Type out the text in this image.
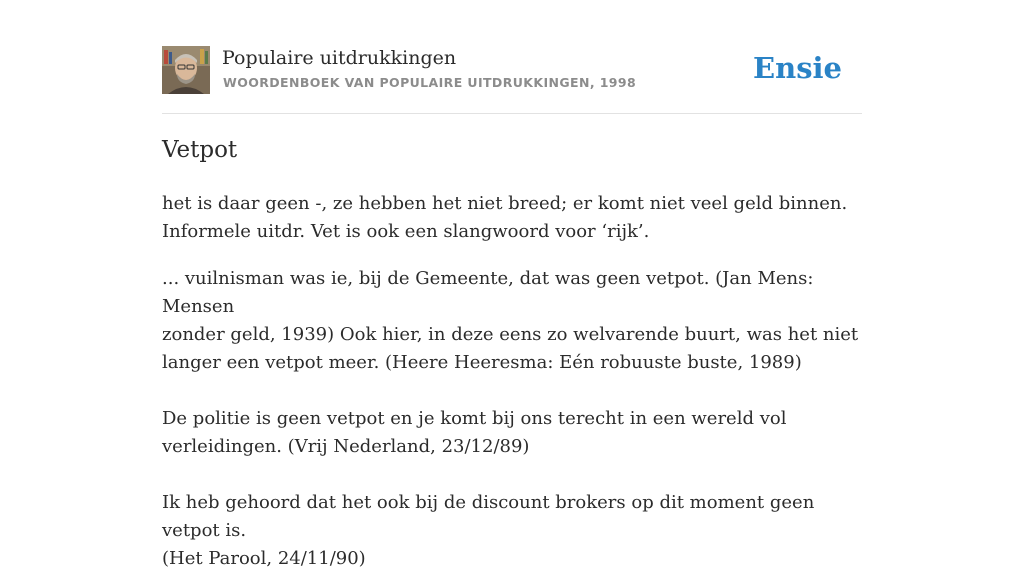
Populaire uitdrukkingen
WOORDENBOEK VAN POPULAIRE UITDRUKKINGEN, 1998	Ensie
Vetpot

het is daar geen -, ze hebben het niet breed; er komt niet veel geld binnen.
Informele uitdr. Vet is ook een slangwoord voor ‘rijk’.

... vuilnisman was ie, bij de Gemeente, dat was geen vetpot. (Jan Mens: Mensen
zonder geld, 1939) Ook hier, in deze eens zo welvarende buurt, was het niet
langer een vetpot meer. (Heere Heeresma: Eén robuuste buste, 1989)

De politie is geen vetpot en je komt bij ons terecht in een wereld vol
verleidingen. (Vrij Nederland, 23/12/89)

Ik heb gehoord dat het ook bij de discount brokers op dit moment geen vetpot is.
(Het Parool, 24/11/90)
